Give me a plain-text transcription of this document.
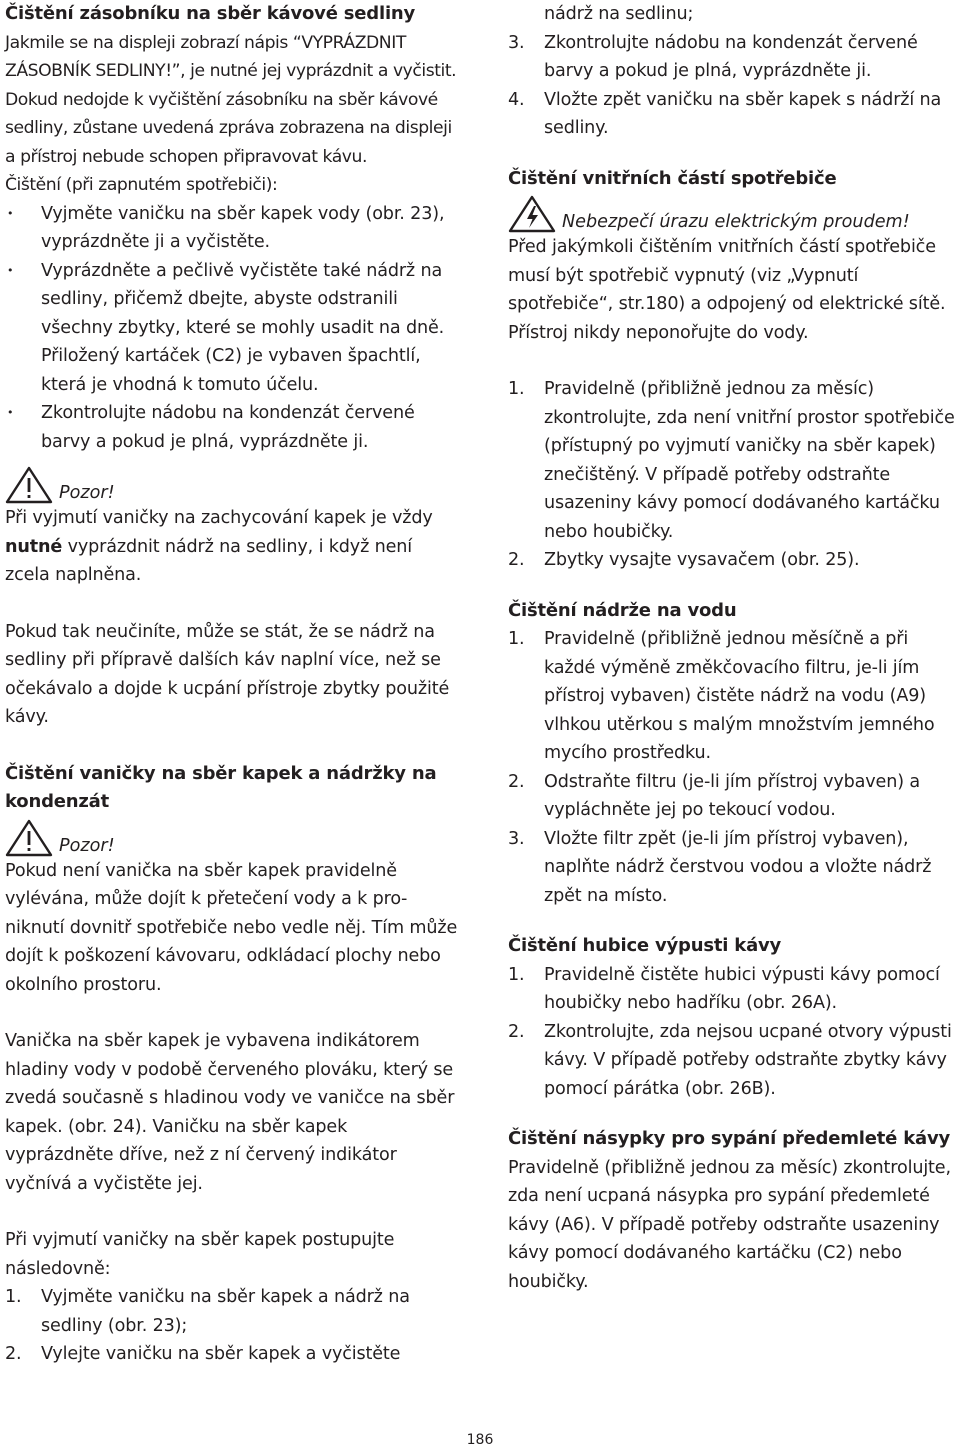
Čištění zásobníku na sběr kávové sedliny

Jakmile se na displeji zobrazí nápis “VYPRÁZDNIT ZÁSOBNÍK SEDLINY!”, je nutné jej vyprázdnit a vyčistit. Dokud nedojde k vyčištění zásobníku na sběr kávové sedliny, zůstane uvedená zpráva zobrazena na displeji a přístroj nebude schopen připravovat kávu.

Čištění (při zapnutém spotřebiči):

• Vyjměte vaničku na sběr kapek vody (obr. 23), vyprázdněte ji a vyčistěte.
• Vyprázdněte a pečlivě vyčistěte také nádrž na sedliny, přičemž dbejte, abyste odstranili všechny zbytky, které se mohly usadit na dně. Přiložený kartáček (C2) je vybaven špachtlí, která je vhodná k tomuto účelu.
• Zkontrolujte nádobu na kondenzát červené barvy a pokud je plná, vyprázdněte ji.
Pozor!

Při vyjmutí vaničky na zachycování kapek je vždy nutné vyprázdnit nádrž na sedliny, i když není zcela naplněna.

Pokud tak neučiníte, může se stát, že se nádrž na sedliny při přípravě dalších káv naplní více, než se očekávalo a dojde k ucpání přístroje zbytky použité kávy.

Čištění vaničky na sběr kapek a nádržky na kondenzát
Pozor!

Pokud není vanička na sběr kapek pravidelně vylévána, může dojít k přetečení vody a k proniknutí dovnitř spotřebiče nebo vedle něj. Tím může dojít k poškození kávovaru, odkládací plochy nebo okolního prostoru.

Vanička na sběr kapek je vybavena indikátorem hladiny vody v podobě červeného plováku, který se zvedá současně s hladinou vody ve vaničce na sběr kapek. (obr. 24). Vaničku na sběr kapek vyprázdněte dříve, než z ní červený indikátor vyčnívá a vyčistěte jej.

Při vyjmutí vaničky na sběr kapek postupujte následovně:

1. Vyjměte vaničku na sběr kapek a nádrž na sedliny (obr. 23);
2. Vylejte vaničku na sběr kapek a vyčistěte
nádrž na sedlinu;
3. Zkontrolujte nádobu na kondenzát červené barvy a pokud je plná, vyprázdněte ji.
4. Vložte zpět vaničku na sběr kapek s nádrží na sedliny.
Čištění vnitřních částí spotřebiče
Nebezpečí úrazu elektrickým proudem!

Před jakýmkoli čištěním vnitřních částí spotřebiče musí být spotřebič vypnutý (viz „Vypnutí spotřebiče“, str.180) a odpojený od elektrické sítě. Přístroj nikdy neponořujte do vody.

1. Pravidelně (přibližně jednou za měsíc) zkontrolujte, zda není vnitřní prostor spotřebiče (přístupný po vyjmutí vaničky na sběr kapek) znečištěný. V případě potřeby odstraňte usazeniny kávy pomocí dodávaného kartáčku nebo houbičky.
2. Zbytky vysajte vysavačem (obr. 25).
Čištění nádrže na vodu
1. Pravidelně (přibližně jednou měsíčně a při každé výměně změkčovacího filtru, je-li jím přístroj vybaven) čistěte nádrž na vodu (A9) vlhkou utěrkou s malým množstvím jemného mycího prostředku.
2. Odstraňte filtru (je-li jím přístroj vybaven) a vypláchněte jej po tekoucí vodou.
3. Vložte filtr zpět (je-li jím přístroj vybaven), naplňte nádrž čerstvou vodou a vložte nádrž zpět na místo.
Čištění hubice výpusti kávy
1. Pravidelně čistěte hubici výpusti kávy pomocí houbičky nebo hadříku (obr. 26A).
2. Zkontrolujte, zda nejsou ucpané otvory výpusti kávy. V případě potřeby odstraňte zbytky kávy pomocí párátka (obr. 26B).
Čištění násypky pro sypání předemleté kávy

Pravidelně (přibližně jednou za měsíc) zkontrolujte, zda není ucpaná násypka pro sypání předemleté kávy (A6). V případě potřeby odstraňte usazeniny kávy pomocí dodávaného kartáčku (C2) nebo houbičky.

186
